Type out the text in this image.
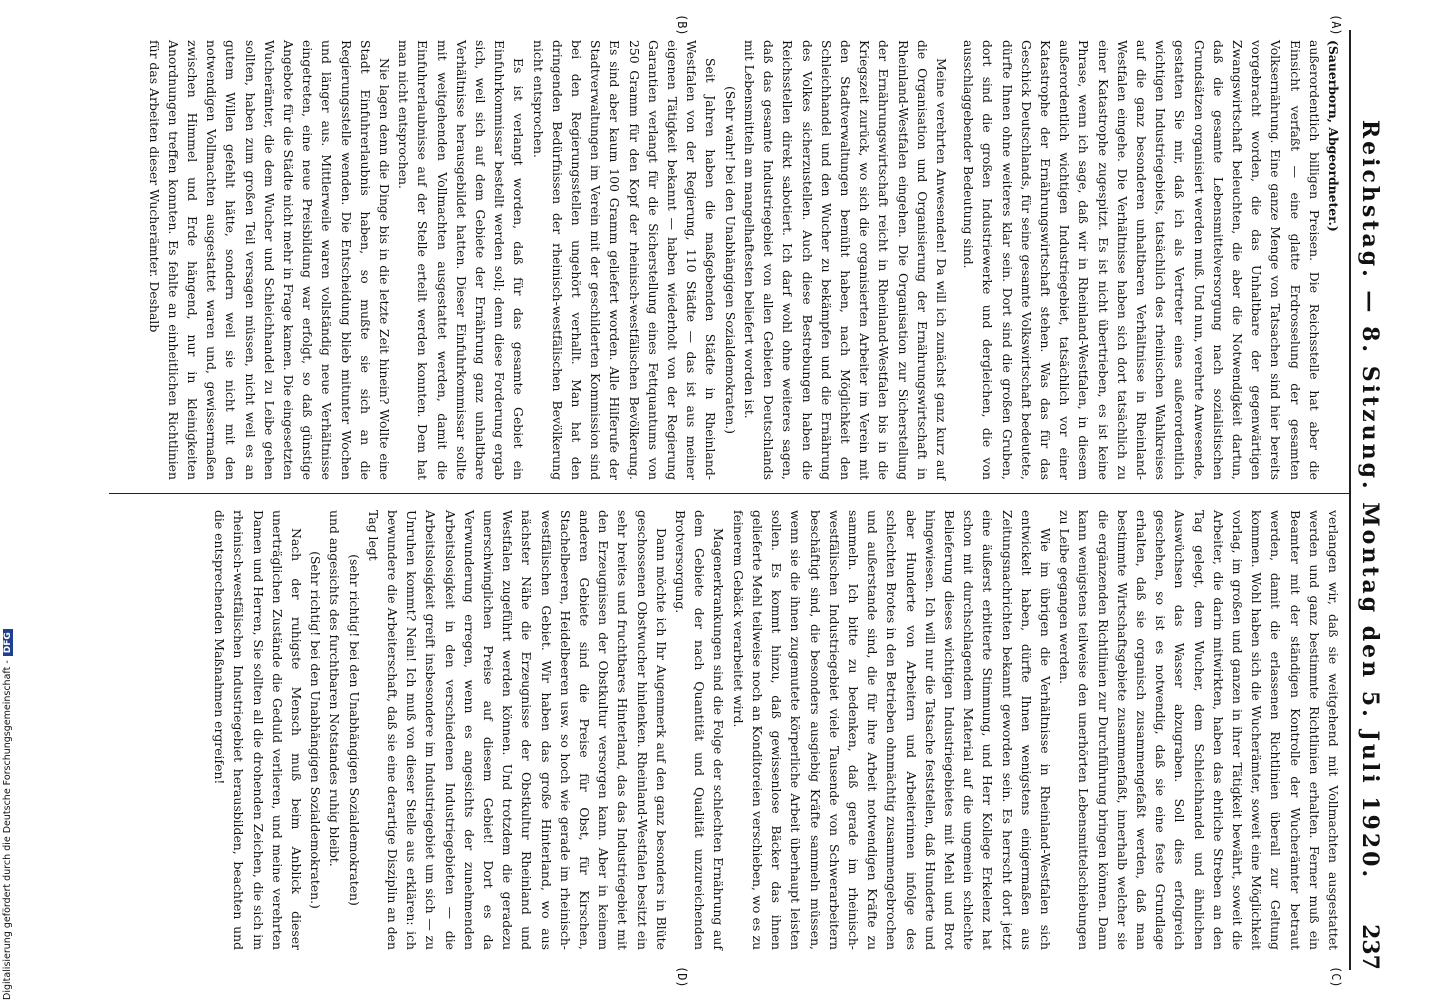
Reichstag. — 8. Sitzung. Montag den 5. Juli 1920.
237
(A)
(C)
(B)
(D)

(Sauerborn, Abgeordneter.)

außerordentlich billigen Preisen. Die Reichsstelle hat aber die Einsicht verfaßt — eine glatte Erdrosselung der gesamten Volksernährung. Eine ganze Menge von Tatsachen sind hier bereits vorgebracht worden, die das Unhaltbare der gegenwärtigen Zwangswirtschaft beleuchten, die aber die Notwendigkeit dartun, daß die gesamte Lebensmittelversorgung nach sozialistischen Grundsätzen organisiert werden muß. Und nun, verehrte Anwesende, gestatten Sie mir, daß ich als Vertreter eines außerordentlich wichtigen Industriegebiets, tatsächlich des rheinischen Wahlkreises auf die ganz besonderen unhaltbaren Verhältnisse in Rheinland-Westfalen eingehe. Die Verhältnisse haben sich dort tatsächlich zu einer Katastrophe zugespitzt. Es ist nicht übertrieben, es ist keine Phrase, wenn ich sage, daß wir in Rheinland-Westfalen, in diesem außerordentlich wichtigen Industriegebiet, tatsächlich vor einer Katastrophe der Ernährungswirtschaft stehen. Was das für das Geschick Deutschlands, für seine gesamte Volkswirtschaft bedeutete, dürfte Ihnen ohne weiteres klar sein. Dort sind die großen Gruben, dort sind die großen Industriewerke und dergleichen, die von ausschlaggebender Bedeutung sind.

Meine verehrten Anwesenden! Da will ich zunächst ganz kurz auf die Organisation und Organisierung der Ernährungswirtschaft in Rheinland-Westfalen eingehen. Die Organisation zur Sicherstellung der Ernährungswirtschaft reicht in Rheinland-Westfalen bis in die Kriegszeit zurück, wo sich die organisierten Arbeiter im Verein mit den Stadtverwaltungen bemüht haben, nach Möglichkeit den Schleichhandel und den Wucher zu bekämpfen und die Ernährung des Volkes sicherzustellen. Auch diese Bestrebungen haben die Reichsstellen direkt sabotiert. Ich darf wohl ohne weiteres sagen, daß das gesamte Industriegebiet von allen Gebieten Deutschlands mit Lebensmitteln am mangelhaftesten beliefert worden ist.

(Sehr wahr! bei den Unabhängigen Sozialdemokraten.)

Seit Jahren haben die maßgebenden Städte in Rheinland-Westfalen von der Regierung, 110 Städte — das ist aus meiner eigenen Tätigkeit bekannt — haben wiederholt von der Regierung Garantien verlangt für die Sicherstellung eines Fettquantums von 250 Gramm für den Kopf der rheinisch-westfälischen Bevölkerung. Es sind aber kaum 100 Gramm geliefert worden. Alle Hilferufe der Stadtverwaltungen im Verein mit der geschilderten Kommission sind bei den Regierungsstellen ungehört verhallt. Man hat den dringenden Bedürfnissen der rheinisch-westfälischen Bevölkerung nicht entsprochen.

Es ist verlangt worden, daß für das gesamte Gebiet ein Einfuhrkommissar bestellt werden soll; denn diese Forderung ergab sich, weil sich auf dem Gebiete der Ernährung ganz unhaltbare Verhältnisse herausgebildet hatten. Dieser Einfuhrkommissar sollte mit weitgehenden Vollmachten ausgestattet werden, damit die Einfuhrerlaubnisse auf der Stelle erteilt werden konnten. Dem hat man nicht entsprochen.

Nie lagen denn die Dinge bis in die letzte Zeit hinein? Wollte eine Stadt Einfuhrerlaubnis haben, so mußte sie sich an die Regierungsstelle wenden. Die Entscheidung blieb mitunter Wochen und länger aus. Mittlerweile waren vollständig neue Verhältnisse eingetreten, eine neue Preisbildung war erfolgt, so daß günstige Angebote für die Städte nicht mehr in Frage kamen. Die eingesetzten Wucherämter, die dem Wucher und Schleichhandel zu Leibe gehen sollten, haben zum großen Teil versagen müssen, nicht weil es an gutem Willen gefehlt hätte, sondern weil sie nicht mit den notwendigen Vollmachten ausgestattet waren und, gewissermaßen zwischen Himmel und Erde hängend, nur in kleinigkeiten Anordnungen treffen konnten. Es fehlte an einheitlichen Richtlinien für das Arbeiten dieser Wucherämter. Deshalb

verlangen wir, daß sie weitgehend mit Vollmachten ausgestattet werden und ganz bestimmte Richtlinien erhalten. Ferner muß ein Beamter mit der ständigen Kontrolle der Wucherämter betraut werden, damit die erlassenen Richtlinien überall zur Geltung kommen. Wohl haben sich die Wucherämter, soweit eine Möglichkeit vorlag, im großen und ganzen in ihrer Tätigkeit bewährt, soweit die Arbeiter, die darin mitwirkten, haben das ehrliche Streben an den Tag gelegt, dem Wucher, dem Schleichhandel und ähnlichen Auswüchsen das Wasser abzugraben. Soll dies erfolgreich geschehen, so ist es notwendig, daß sie eine feste Grundlage erhalten, daß sie organisch zusammengefaßt werden, daß man bestimmte Wirtschaftsgebiete zusammenfaßt, innerhalb welcher sie die ergänzenden Richtlinien zur Durchführung bringen können. Dann kann wenigstens teilweise den unerhörten Lebensmittelschiebungen zu Leibe gegangen werden.

Wie im übrigen die Verhältnisse in Rheinland-Westfalen sich entwickelt haben, dürfte Ihnen wenigstens einigermaßen aus Zeitungsnachrichten bekannt geworden sein. Es herrscht dort jetzt eine äußerst erbitterte Stimmung, und Herr Kollege Erkelenz hat schon mit durchschlagendem Material auf die ungemein schlechte Belieferung dieses wichtigen Industriegebietes mit Mehl und Brot hingewiesen. Ich will nur die Tatsache feststellen, daß Hunderte und aber Hunderte von Arbeitern und Arbeiterinnen infolge des schlechten Brotes in den Betrieben ohnmächtig zusammengebrochen und außerstande sind, die für ihre Arbeit notwendigen Kräfte zu sammeln. Ich bitte zu bedenken, daß gerade im rheinisch-westfälischen Industriegebiet viele Tausende von Schwerarbeitern beschäftigt sind, die besonders ausgiebig Kräfte sammeln müssen, wenn sie die ihnen zugemutete körperliche Arbeit überhaupt leisten sollen. Es kommt hinzu, daß gewissenlose Bäcker das ihnen gelieferte Mehl teilweise noch an Konditoreien verschieben, wo es zu feinerem Gebäck verarbeitet wird.

Magenerkrankungen sind die Folge der schlechten Ernährung auf dem Gebiete der nach Quantität und Qualität unzureichenden Brotversorgung.

Dann möchte ich Ihr Augenmerk auf den ganz besonders in Blüte geschossenen Obstwucher hinlenken. Rheinland-Westfalen besitzt ein sehr breites und fruchtbares Hinterland, das das Industriegebiet mit den Erzeugnissen der Obstkultur versorgen kann. Aber in keinem anderen Gebiete sind die Preise für Obst, für Kirschen, Stachelbeeren, Heidelbeeren usw. so hoch wie gerade im rheinisch-westfälischen Gebiet. Wir haben das große Hinterland, wo aus nächster Nähe die Erzeugnisse der Obstkultur Rheinland und Westfalen zugeführt werden können. Und trotzdem die geradezu unerschwinglichen Preise auf diesem Gebiet! Dort es da Verwunderung erregen, wenn es angesichts der zunehmenden Arbeitslosigkeit in den verschiedenen Industriegebieten — die Arbeitslosigkeit greift insbesondere im Industriegebiet um sich — zu Unruhen kommt? Nein! Ich muß von dieser Stelle aus erklären: ich bewundere die Arbeiterschaft, daß sie eine derartige Disziplin an den Tag legt

(sehr richtig! bei den Unabhängigen Sozialdemokraten)

und angesichts des furchtbaren Notstandes ruhig bleibt.

(Sehr richtig! bei den Unabhängigen Sozialdemokraten.)

Nach der ruhigste Mensch muß beim Anblick dieser unerträglichen Zustände die Geduld verlieren, und meine verehrten Damen und Herren, Sie sollten all die drohenden Zeichen, die sich im rheinisch-westfälischen Industriegebiet herausbilden, beachten und die entsprechenden Maßnahmen ergreifen!

Digitalisierung gefördert durch die Deutsche Forschungsgemeinschaft -DFG
